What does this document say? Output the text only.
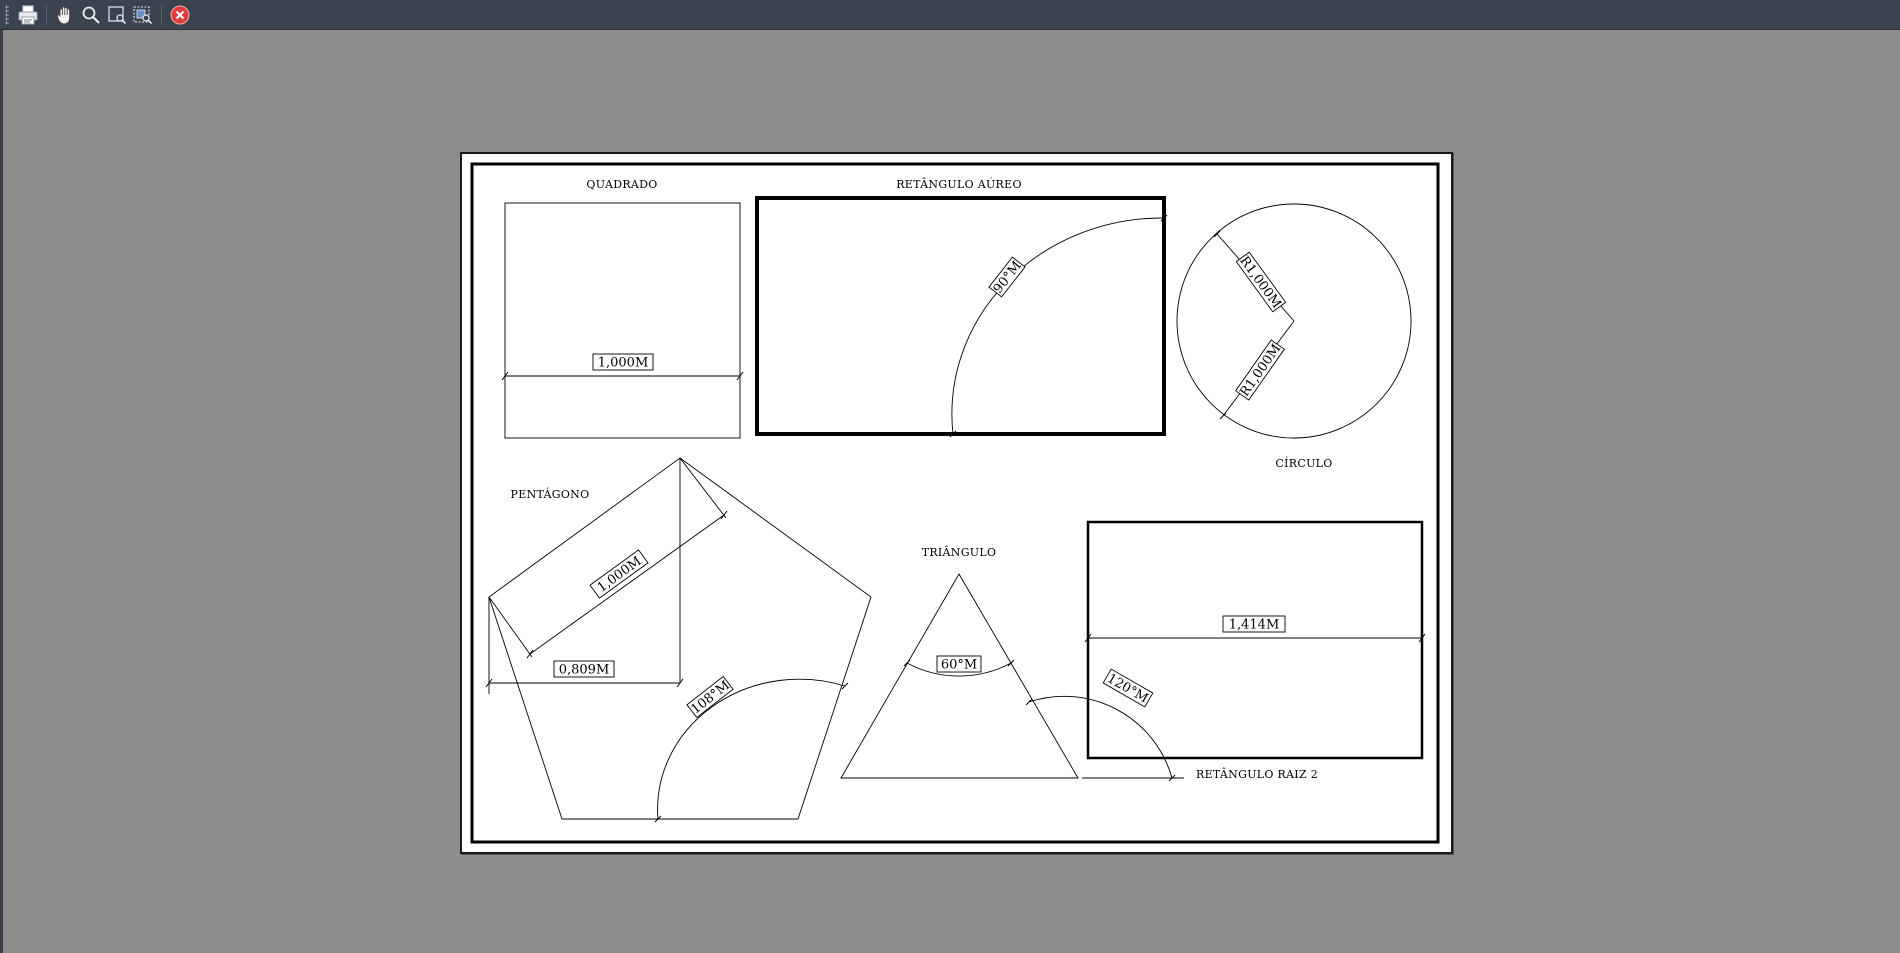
QUADRADO
1,000M
RETÂNGULO AÚREO
90°M	R1,000M
R1,000M
CÍRCULO
PENTÁGONO
0,809M
1,000M
108°M
TRIÂNGULO
60°M
1,414M
120°M
RETÂNGULO RAIZ 2
